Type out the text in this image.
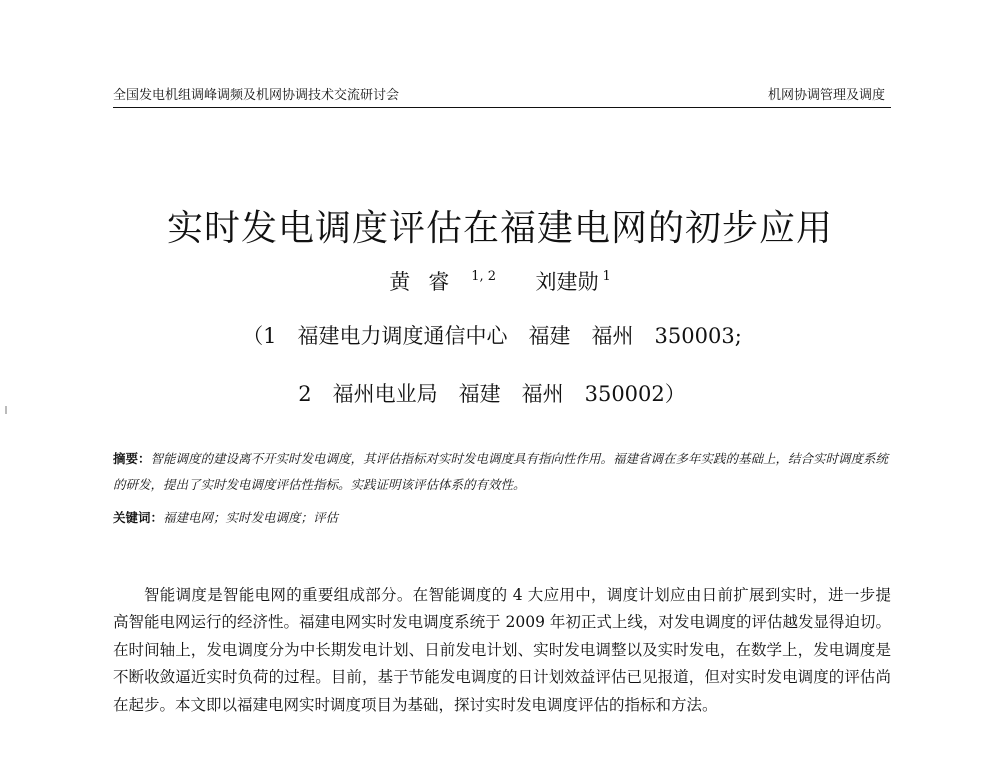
全国发电机组调峰调频及机网协调技术交流研讨会	机网协调管理及调度
实时发电调度评估在福建电网的初步应用
黄睿 $^{1, 2}$ 刘建勋 $^1$
（1　福建电力调度通信中心　福建　福州　350003;
2　福州电业局　福建　福州　350002）
摘要：智能调度的建设离不开实时发电调度，其评估指标对实时发电调度具有指向性作用。福建省调在多年实践的基础上，结合实时调度系统的研发，提出了实时发电调度评估性指标。实践证明该评估体系的有效性。
关键词：福建电网；实时发电调度；评估

智能调度是智能电网的重要组成部分。在智能调度的 4 大应用中，调度计划应由日前扩展到实时，进一步提高智能电网运行的经济性。福建电网实时发电调度系统于 2009 年初正式上线，对发电调度的评估越发显得迫切。在时间轴上，发电调度分为中长期发电计划、日前发电计划、实时发电调整以及实时发电，在数学上，发电调度是不断收敛逼近实时负荷的过程。目前，基于节能发电调度的日计划效益评估已见报道，但对实时发电调度的评估尚在起步。本文即以福建电网实时调度项目为基础，探讨实时发电调度评估的指标和方法。
